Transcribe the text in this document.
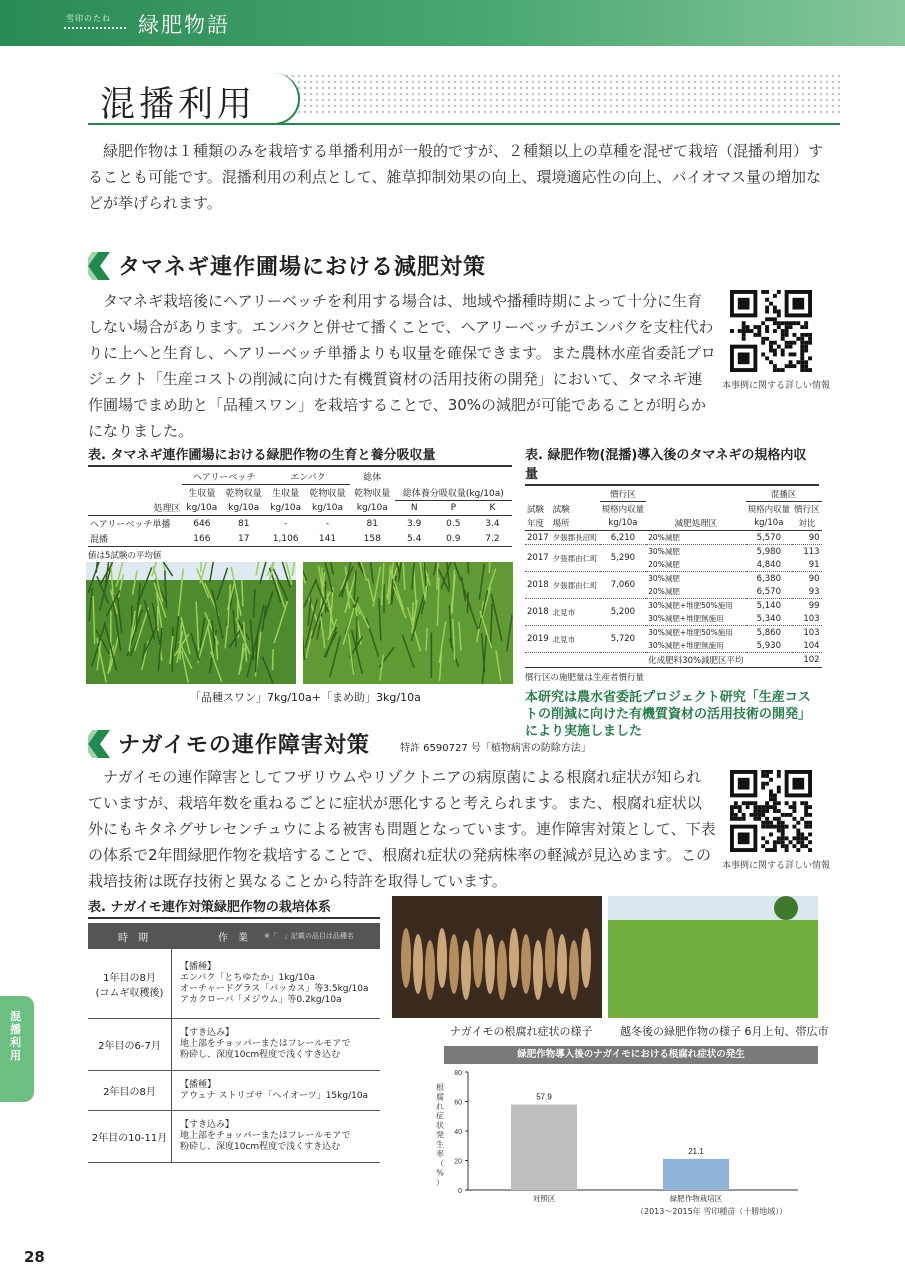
雪印のたね 緑肥物語
混播利用

　緑肥作物は１種類のみを栽培する単播利用が一般的ですが、２種類以上の草種を混ぜて栽培（混播利用）することも可能です。混播利用の利点として、雑草抑制効果の向上、環境適応性の向上、バイオマス量の増加などが挙げられます。

タマネギ連作圃場における減肥対策

　タマネギ栽培後にヘアリーベッチを利用する場合は、地域や播種時期によって十分に生育しない場合があります。エンバクと併せて播くことで、ヘアリーベッチがエンバクを支柱代わりに上へと生育し、ヘアリーベッチ単播よりも収量を確保できます。また農林水産省委託プロジェクト「生産コストの削減に向けた有機質資材の活用技術の開発」において、タマネギ連作圃場でまめ助と「品種スワン」を栽培することで、30%の減肥が可能であることが明らかになりました。

本事例に関する詳しい情報
表. タマネギ連作圃場における緑肥作物の生育と養分吸収量
	ヘアリーベッチ		エンバク		総体			
	生収量	乾物収量	生収量	乾物収量	乾物収量	総体養分吸収量(kg/10a)		
処理区	kg/10a	kg/10a	kg/10a	kg/10a	kg/10a	N	P	K
ヘアリーベッチ単播	646	81	-	-	81	3.9	0.5	3.4
混播	166	17	1,106	141	158	5.4	0.9	7.2
値は5試験の平均値
「品種スワン」7kg/10a+「まめ助」3kg/10a
表. 緑肥作物(混播)導入後のタマネギの規格内収量
		慣行区		混播区	
試験	試験	規格内収量		規格内収量	慣行区
年度	場所	kg/10a	減肥処理区	kg/10a	対比
2017	夕張郡長沼町	6,210	20%減肥	5,570	90
2017	夕張郡由仁町	5,290	30%減肥	5,980	113
			20%減肥	4,840	91
2018	夕張郡由仁町	7,060	30%減肥	6,380	90
			20%減肥	6,570	93
2018	北見市	5,200	30%減肥+堆肥50%施用	5,140	99
			30%減肥+堆肥無施用	5,340	103
2019	北見市	5,720	30%減肥+堆肥50%施用	5,860	103
			30%減肥+堆肥無施用	5,930	104
			化成肥料30%減肥区平均		102
慣行区の施肥量は生産者慣行量
本研究は農水省委託プロジェクト研究「生産コストの削減に向けた有機質資材の活用技術の開発」により実施しました
ナガイモの連作障害対策	特許 6590727 号「植物病害の防除方法」

　ナガイモの連作障害としてフザリウムやリゾクトニアの病原菌による根腐れ症状が知られていますが、栽培年数を重ねるごとに症状が悪化すると考えられます。また、根腐れ症状以外にもキタネグサレセンチュウによる被害も問題となっています。連作障害対策として、下表の体系で2年間緑肥作物を栽培することで、根腐れ症状の発病株率の軽減が見込めます。この栽培技術は既存技術と異なることから特許を取得しています。

本事例に関する詳しい情報
表. ナガイモ連作対策緑肥作物の栽培体系
時　期	作　業 ※「　」記載の品目は品種名
1年目の8月
(コムギ収穫後)
【播種】
エンバク「とちゆたか」1kg/10a
オーチャードグラス「バッカス」等3.5kg/10a
アカクローバ「メジウム」等0.2kg/10a
2年目の6-7月
【すき込み】
地上部をチョッパーまたはフレールモアで
粉砕し、深度10cm程度で浅くすき込む
2年目の8月
【播種】
アウェナ ストリゴサ「ヘイオーツ」15kg/10a
2年目の10-11月
【すき込み】
地上部をチョッパーまたはフレールモアで
粉砕し、深度10cm程度で浅くすき込む
ナガイモの根腐れ症状の様子	越冬後の緑肥作物の様子 6月上旬、帯広市
緑肥作物導入後のナガイモにおける根腐れ症状の発生
0
20
40
60
80
根
腐
れ
症
状
発
生
率
（
%
）
57.9
対照区
21.1
緑肥作物栽培区
（2013〜2015年 雪印種苗（十勝地域））
混播利用
28
